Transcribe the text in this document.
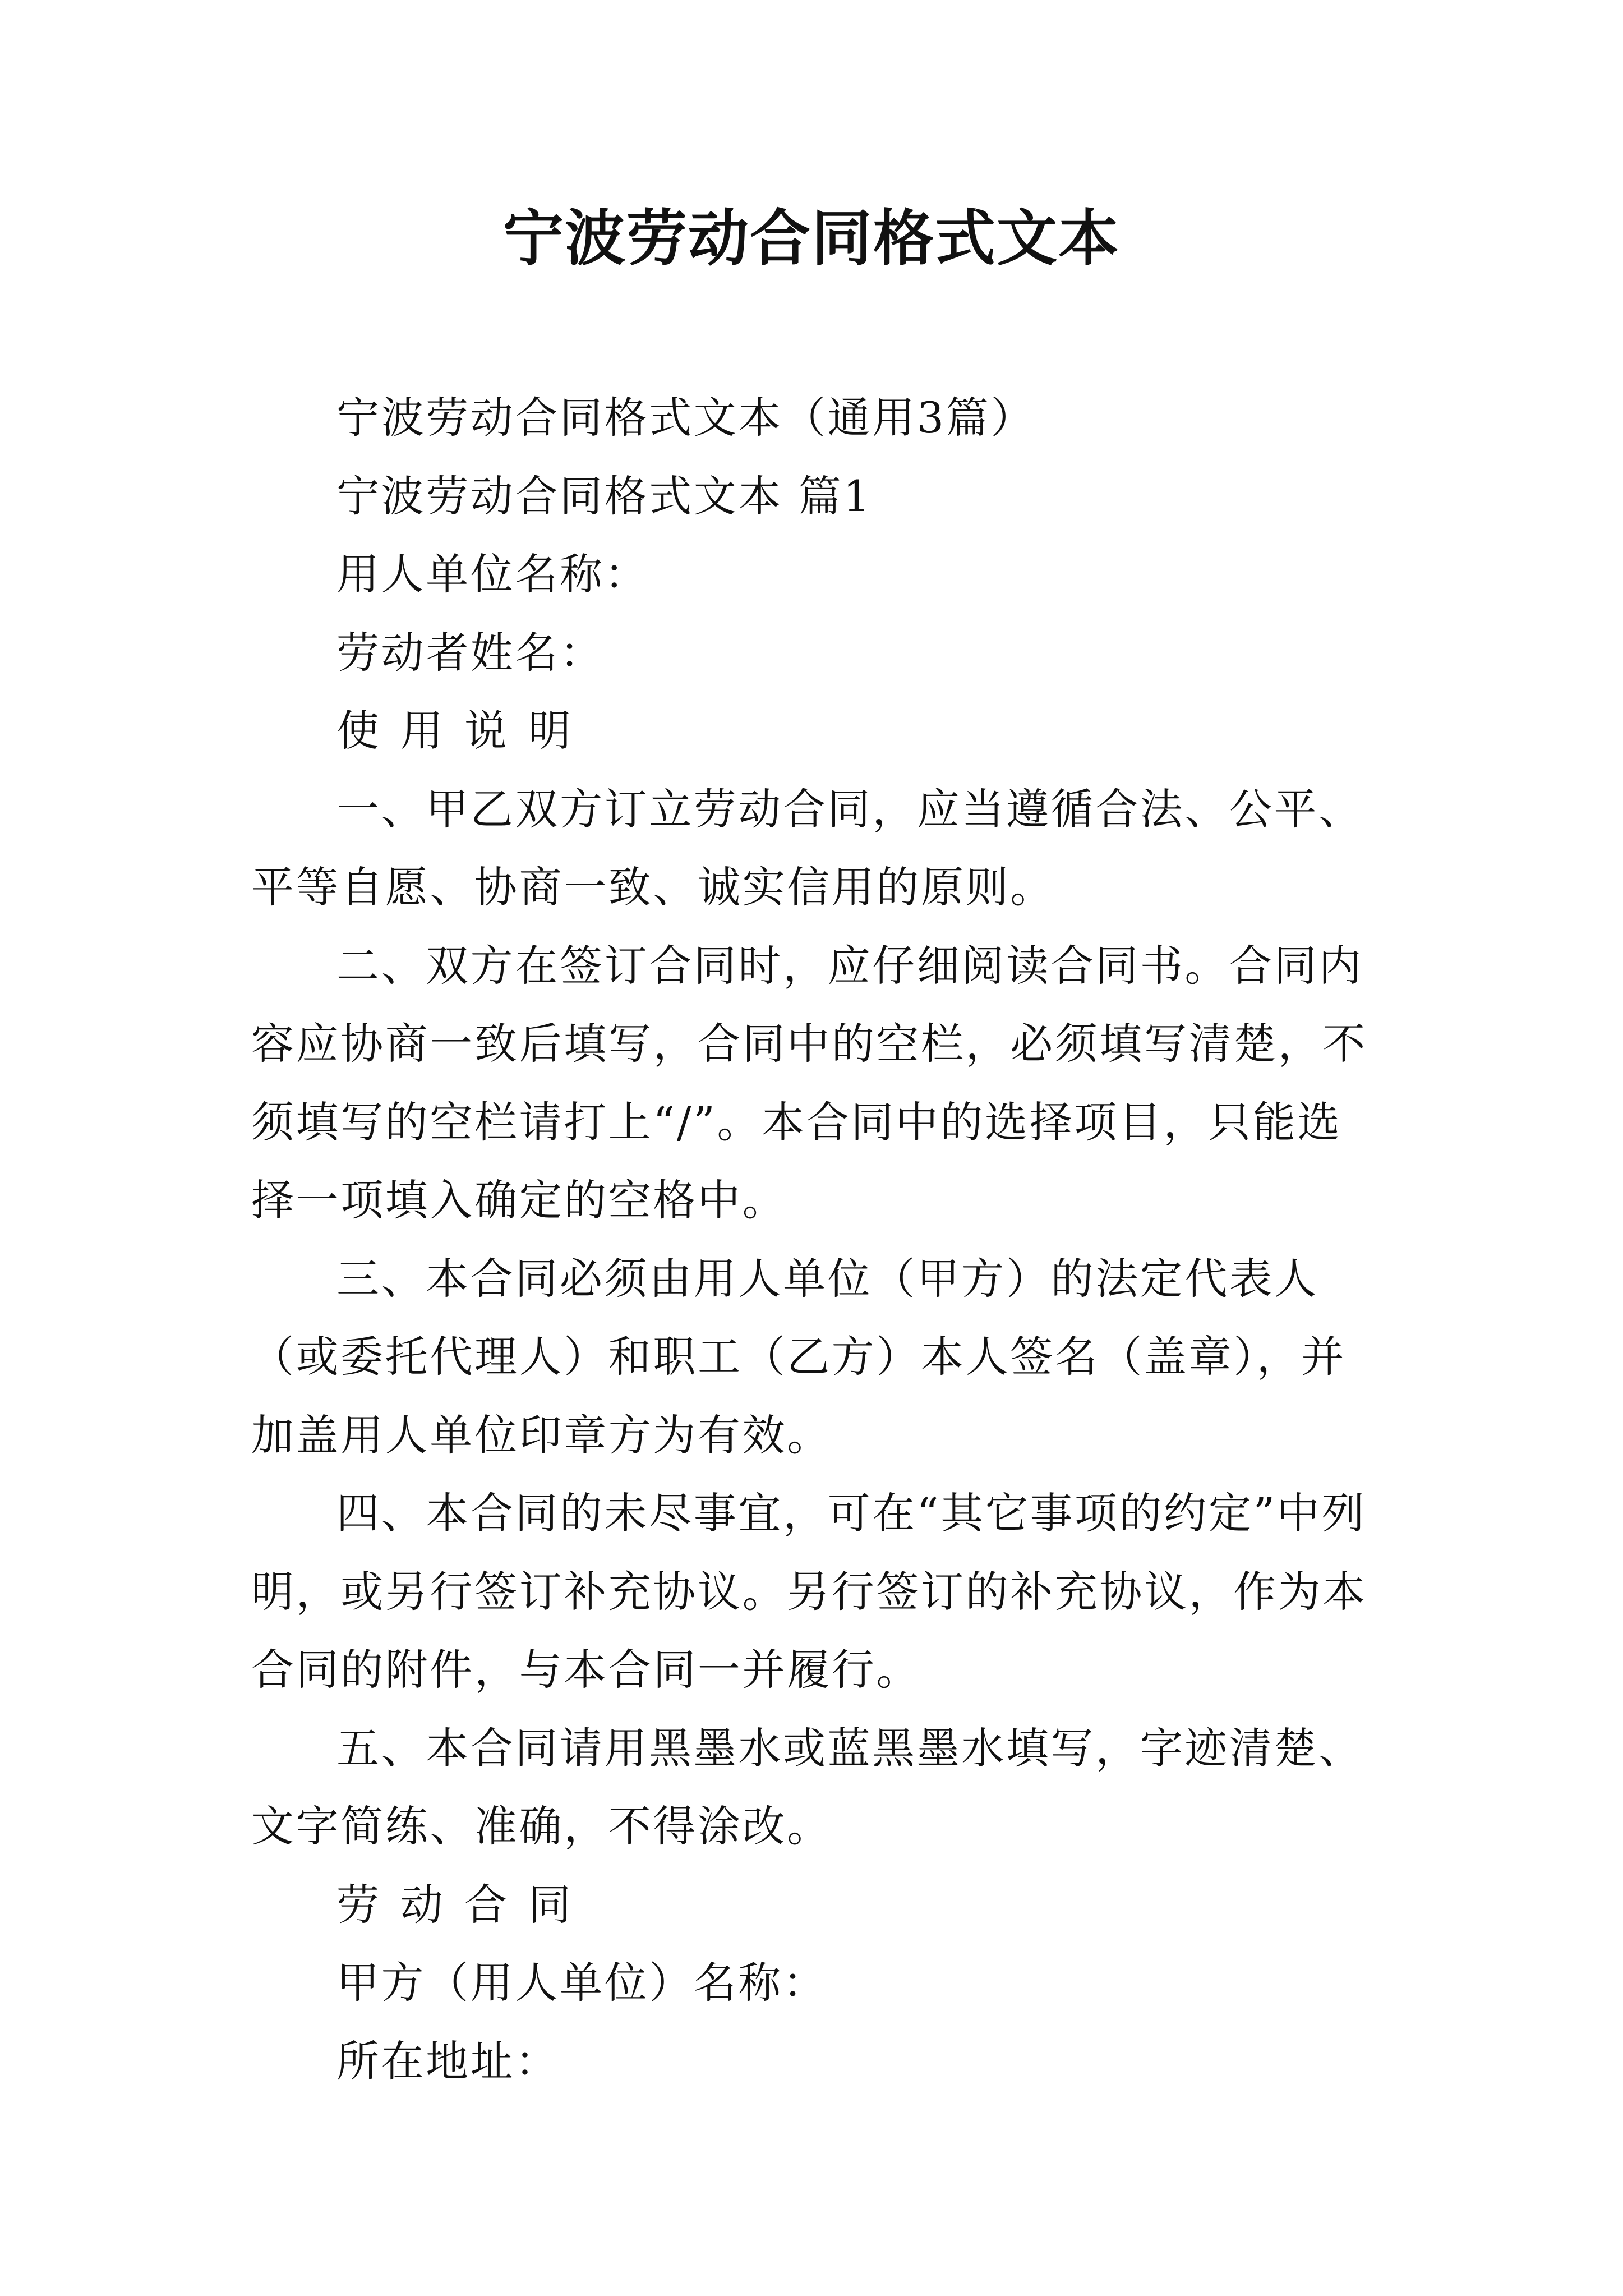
宁波劳动合同格式文本

宁波劳动合同格式文本（通用3篇）

宁波劳动合同格式文本 篇1

用人单位名称：

劳动者姓名：

使用说明

一、甲乙双方订立劳动合同，应当遵循合法、公平、平等自愿、协商一致、诚实信用的原则。

二、双方在签订合同时，应仔细阅读合同书。合同内容应协商一致后填写，合同中的空栏，必须填写清楚，不须填写的空栏请打上“/”。本合同中的选择项目，只能选择一项填入确定的空格中。

三、本合同必须由用人单位（甲方）的法定代表人（或委托代理人）和职工（乙方）本人签名（盖章），并加盖用人单位印章方为有效。

四、本合同的未尽事宜，可在“其它事项的约定”中列明，或另行签订补充协议。另行签订的补充协议，作为本合同的附件，与本合同一并履行。

五、本合同请用黑墨水或蓝黑墨水填写，字迹清楚、文字简练、准确，不得涂改。

劳动合同

甲方（用人单位）名称：

所在地址：
